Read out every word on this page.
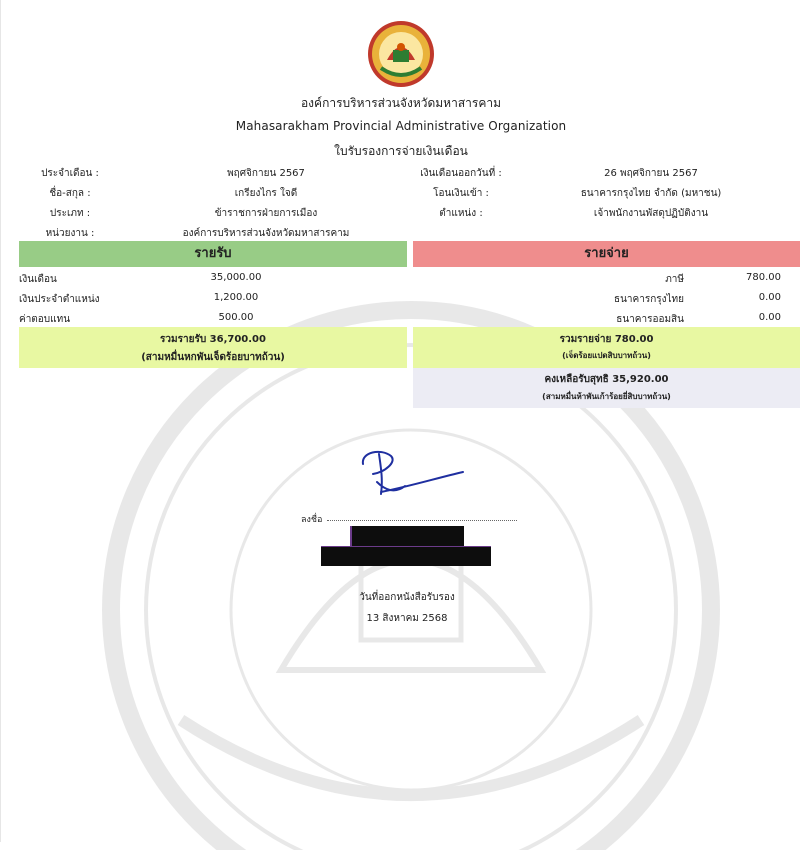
องค์การบริหารส่วนจังหวัดมหาสารคาม
Mahasarakham Provincial Administrative Organization
ใบรับรองการจ่ายเงินเดือน
ประจำเดือน :	พฤศจิกายน 2567	เงินเดือนออกวันที่ :	26 พฤศจิกายน 2567
ชื่อ-สกุล :	เกรียงไกร ใจดี	โอนเงินเข้า :	ธนาคารกรุงไทย จำกัด (มหาชน)
ประเภท :	ข้าราชการฝ่ายการเมือง	ตำแหน่ง :	เจ้าพนักงานพัสดุปฏิบัติงาน
หน่วยงาน :	องค์การบริหารส่วนจังหวัดมหาสารคาม
รายรับ	รายจ่าย
เงินเดือน	35,000.00
เงินประจำตำแหน่ง	1,200.00
ค่าตอบแทน	500.00
ภาษี	780.00
ธนาคารกรุงไทย	0.00
ธนาคารออมสิน	0.00
รวมรายรับ 36,700.00
(สามหมื่นหกพันเจ็ดร้อยบาทถ้วน)
รวมรายจ่าย 780.00
(เจ็ดร้อยแปดสิบบาทถ้วน)
คงเหลือรับสุทธิ 35,920.00
(สามหมื่นห้าพันเก้าร้อยยี่สิบบาทถ้วน)
ลงชื่อ
วันที่ออกหนังสือรับรอง
13 สิงหาคม 2568
